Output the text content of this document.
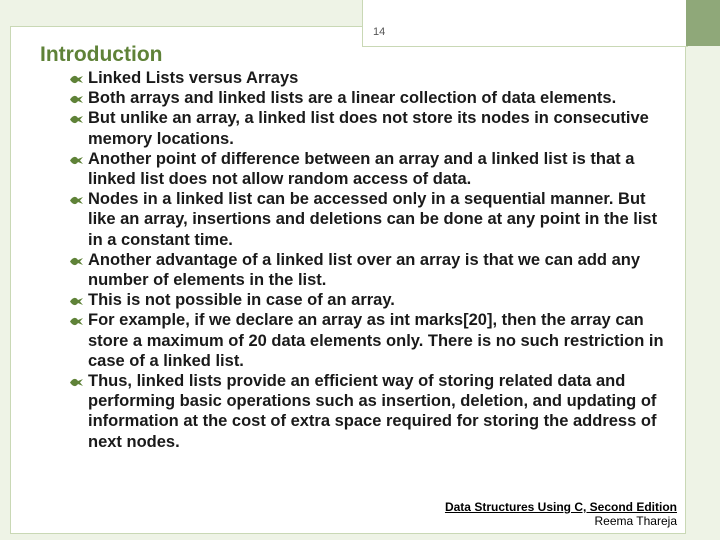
14
Introduction
Linked Lists versus Arrays
Both arrays and linked lists are a linear collection of data elements.
But unlike an array, a linked list does not store its nodes in consecutive memory locations.
Another point of difference between an array and a linked list is that a linked list does not allow random access of data.
Nodes in a linked list can be accessed only in a sequential manner. But like an array, insertions and deletions can be done at any point in the list in a constant time.
Another advantage of a linked list over an array is that we can add any number of elements in the list.
This is not possible in case of an array.
For example, if we declare an array as int marks[20], then the array can store a maximum of 20 data elements only. There is no such restriction in case of a linked list.
Thus, linked lists provide an efficient way of storing related data and performing basic operations such as insertion, deletion, and updating of information at the cost of extra space required for storing the address of next nodes.
Data Structures Using C, Second Edition
Reema Thareja
